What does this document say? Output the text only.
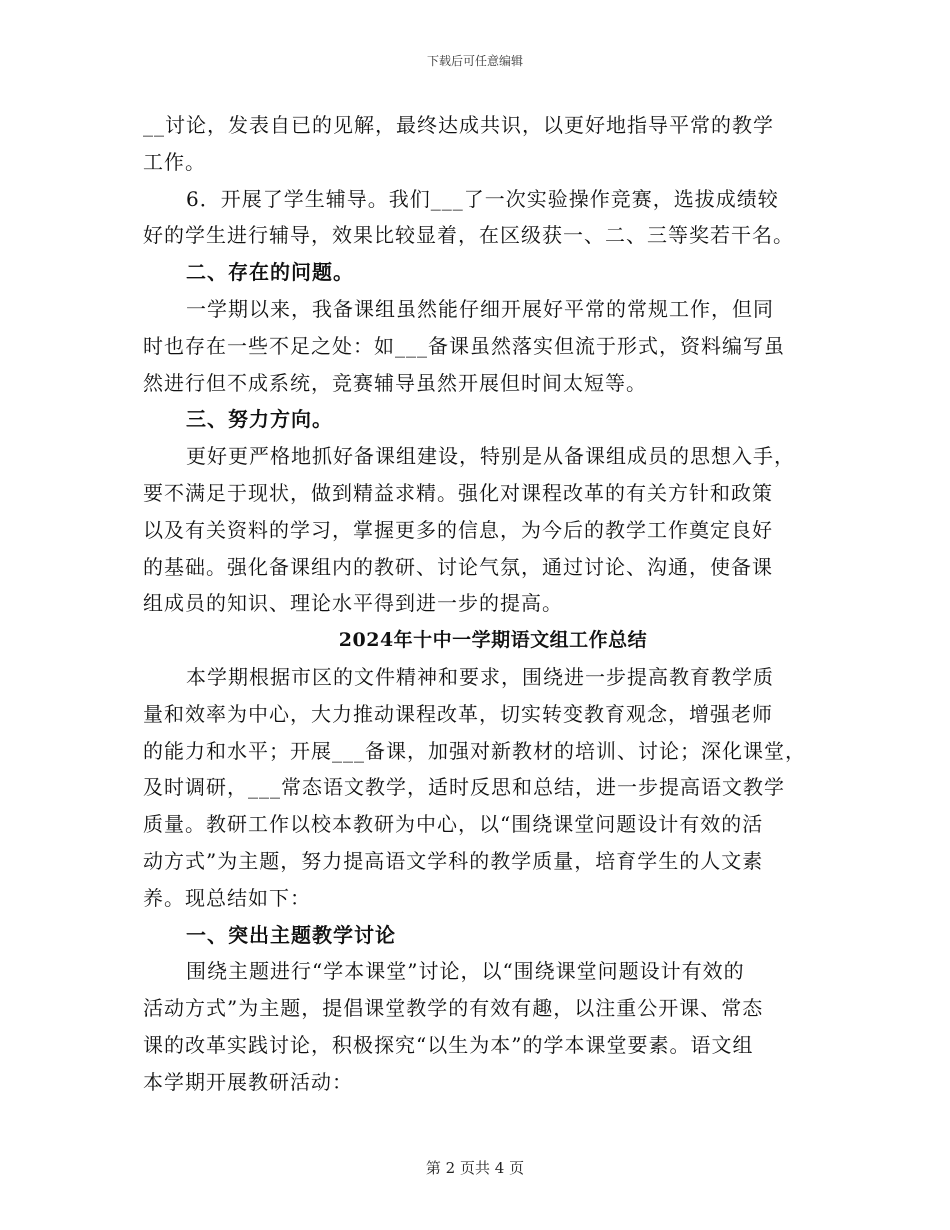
下载后可任意编辑
__讨论，发表自已的见解，最终达成共识，以更好地指导平常的教学
工作。
6．开展了学生辅导。我们___了一次实验操作竞赛，选拔成绩较
好的学生进行辅导，效果比较显着，在区级获一、二、三等奖若干名。
二、存在的问题。
一学期以来，我备课组虽然能仔细开展好平常的常规工作，但同
时也存在一些不足之处：如___备课虽然落实但流于形式，资料编写虽
然进行但不成系统，竞赛辅导虽然开展但时间太短等。
三、努力方向。
更好更严格地抓好备课组建设，特别是从备课组成员的思想入手，
要不满足于现状，做到精益求精。强化对课程改革的有关方针和政策
以及有关资料的学习，掌握更多的信息，为今后的教学工作奠定良好
的基础。强化备课组内的教研、讨论气氛，通过讨论、沟通，使备课
组成员的知识、理论水平得到进一步的提高。
2024年十中一学期语文组工作总结
本学期根据市区的文件精神和要求，围绕进一步提高教育教学质
量和效率为中心，大力推动课程改革，切实转变教育观念，增强老师
的能力和水平；开展___备课，加强对新教材的培训、讨论；深化课堂，
及时调研，___常态语文教学，适时反思和总结，进一步提高语文教学
质量。教研工作以校本教研为中心，以“围绕课堂问题设计有效的活
动方式”为主题，努力提高语文学科的教学质量，培育学生的人文素
养。现总结如下：
一、突出主题教学讨论
围绕主题进行“学本课堂”讨论，以“围绕课堂问题设计有效的
活动方式”为主题，提倡课堂教学的有效有趣，以注重公开课、常态
课的改革实践讨论，积极探究“以生为本”的学本课堂要素。语文组
本学期开展教研活动：
第 2 页共 4 页
